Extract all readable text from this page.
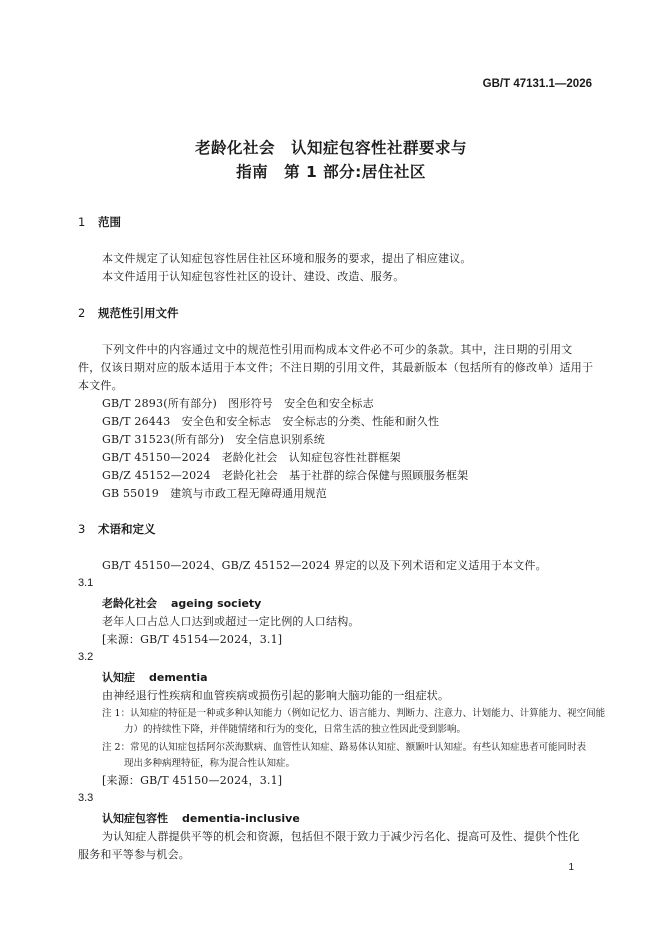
GB/T 47131.1—2026
老龄化社会　认知症包容性社群要求与
指南　第 1 部分:居住社区
1 范围
本文件规定了认知症包容性居住社区环境和服务的要求，提出了相应建议。
本文件适用于认知症包容性社区的设计、建设、改造、服务。
2 规范性引用文件
下列文件中的内容通过文中的规范性引用而构成本文件必不可少的条款。其中，注日期的引用文
件，仅该日期对应的版本适用于本文件；不注日期的引用文件，其最新版本（包括所有的修改单）适用于
本文件。
GB/T 2893(所有部分)　图形符号　安全色和安全标志
GB/T 26443　安全色和安全标志　安全标志的分类、性能和耐久性
GB/T 31523(所有部分)　安全信息识别系统
GB/T 45150—2024　老龄化社会　认知症包容性社群框架
GB/Z 45152—2024　老龄化社会　基于社群的综合保健与照顾服务框架
GB 55019　建筑与市政工程无障碍通用规范
3 术语和定义
GB/T 45150—2024、GB/Z 45152—2024 界定的以及下列术语和定义适用于本文件。
3.1
老龄化社会 ageing society
老年人口占总人口达到或超过一定比例的人口结构。
[来源：GB/T 45154—2024，3.1]
3.2
认知症 dementia
由神经退行性疾病和血管疾病或损伤引起的影响大脑功能的一组症状。
注 1：认知症的特征是一种或多种认知能力（例如记忆力、语言能力、判断力、注意力、计划能力、计算能力、视空间能
力）的持续性下降，并伴随情绪和行为的变化，日常生活的独立性因此受到影响。
注 2：常见的认知症包括阿尔茨海默病、血管性认知症、路易体认知症、额颞叶认知症。有些认知症患者可能同时表
现出多种病理特征，称为混合性认知症。
[来源：GB/T 45150—2024，3.1]
3.3
认知症包容性 dementia-inclusive
为认知症人群提供平等的机会和资源，包括但不限于致力于减少污名化、提高可及性、提供个性化
服务和平等参与机会。
1
